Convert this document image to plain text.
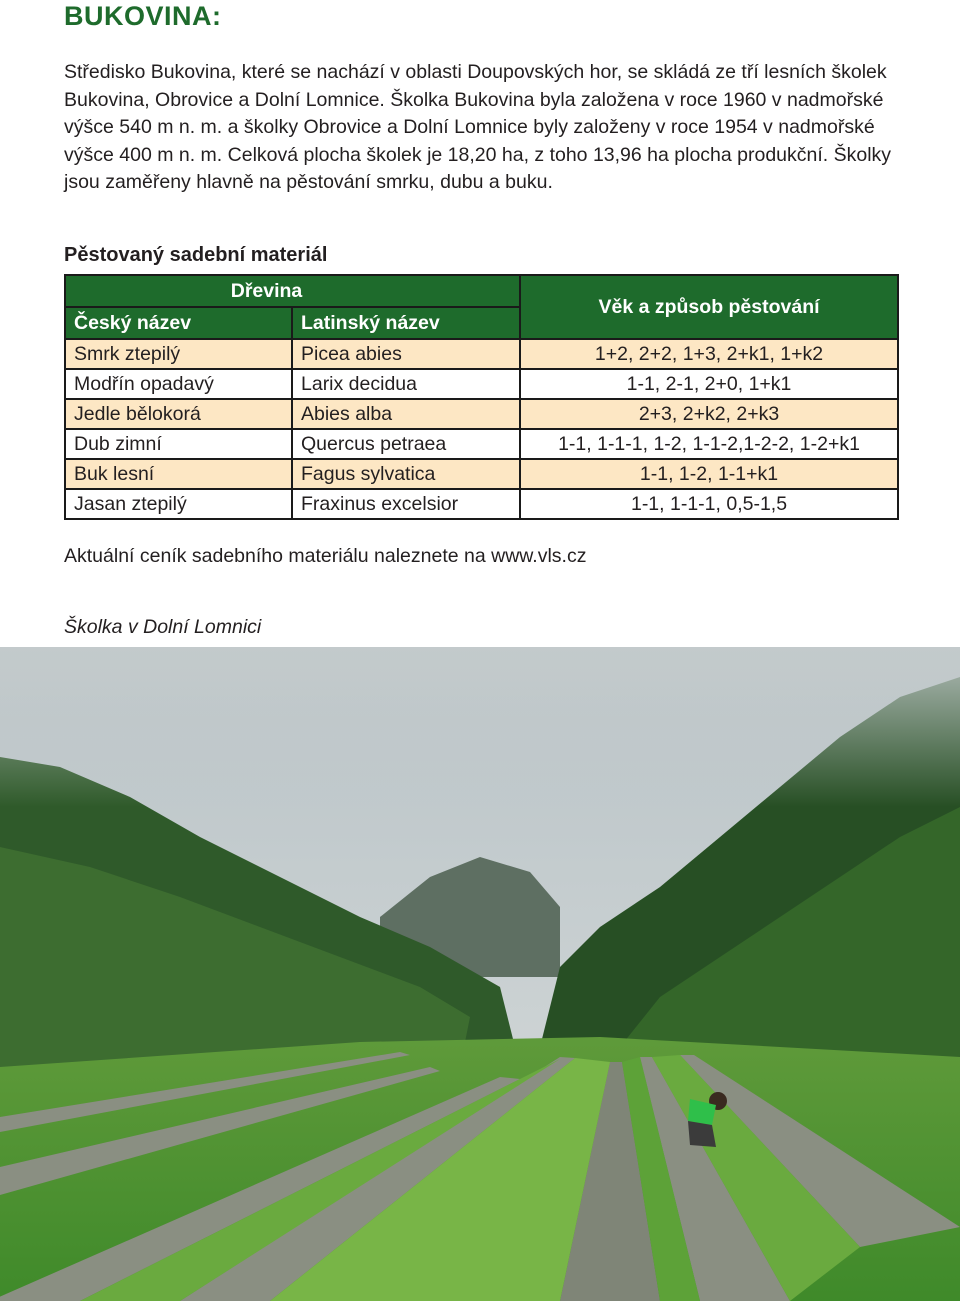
BUKOVINA:

Středisko Bukovina, které se nachází v oblasti Doupovských hor, se skládá ze tří lesních školek Bukovina, Obrovice a Dolní Lomnice. Školka Bukovina byla založena v roce 1960 v nadmořské výšce 540 m n. m. a školky Obrovice a Dolní Lomnice byly založeny v roce 1954 v nadmořské výšce 400 m n. m. Celková plocha školek je 18,20 ha, z toho 13,96 ha plocha produkční. Školky jsou zaměřeny hlavně na pěstování smrku, dubu a buku.

Pěstovaný sadební materiál

Dřevina		Věk a způsob pěstování
Český název	Latinský název	
Smrk ztepilý	Picea abies	1+2, 2+2, 1+3, 2+k1, 1+k2
Modřín opadavý	Larix decidua	1-1, 2-1, 2+0, 1+k1
Jedle bělokorá	Abies alba	2+3, 2+k2, 2+k3
Dub zimní	Quercus petraea	1-1, 1-1-1, 1-2, 1-1-2,1-2-2, 1-2+k1
Buk lesní	Fagus sylvatica	1-1, 1-2, 1-1+k1
Jasan ztepilý	Fraxinus excelsior	1-1, 1-1-1, 0,5-1,5

Aktuální ceník sadebního materiálu naleznete na www.vls.cz

Školka v Dolní Lomnici
